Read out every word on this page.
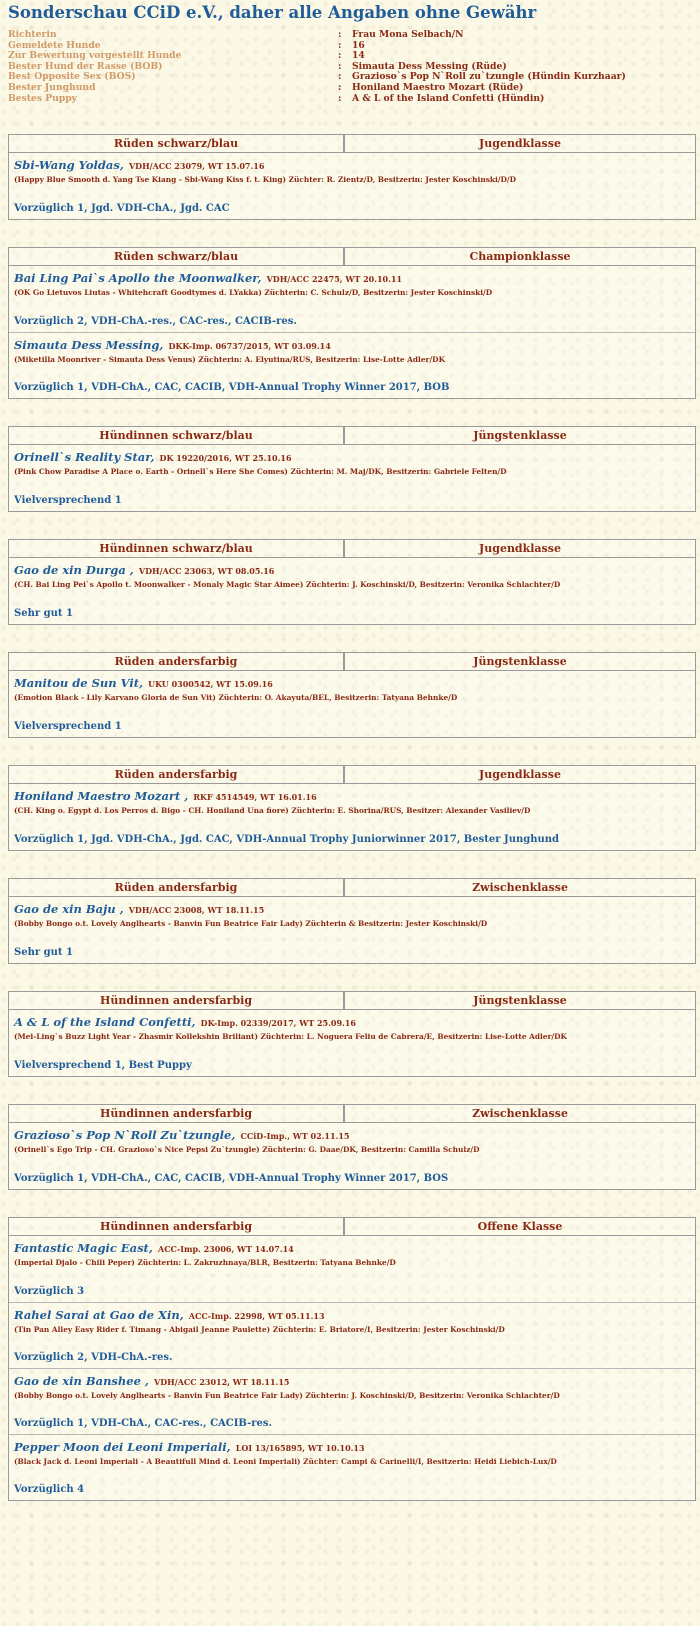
Sonderschau CCiD e.V., daher alle Angaben ohne Gewähr
Richterin	:	Frau Mona Selbach/N
Gemeldete Hunde	:	16
Zur Bewertung vorgestellt Hunde	:	14
Bester Hund der Rasse (BOB)	:	Simauta Dess Messing (Rüde)
Best Opposite Sex (BOS)	:	Grazioso`s Pop N`Roll zu`tzungle (Hündin Kurzhaar)
Bester Junghund	:	Honiland Maestro Mozart (Rüde)
Bestes Puppy	:	A & L of the Island Confetti (Hündin)
Rüden schwarz/blau	Jugendklasse
Sbi-Wang Yoldas, VDH/ACC 23079, WT 15.07.16
(Happy Blue Smooth d. Yang Tse Kiang - Sbi-Wang Kiss f. t. King) Züchter: R. Zientz/D, Besitzerin: Jester Koschinski/D/D
Vorzüglich 1, Jgd. VDH-ChA., Jgd. CAC
Rüden schwarz/blau	Championklasse
Bai Ling Pai`s Apollo the Moonwalker, VDH/ACC 22475, WT 20.10.11
(OK Go Lietuvos Liutas - Whitehcraft Goodtymes d. LYakka) Züchterin: C. Schulz/D, Besitzerin: Jester Koschinski/D
Vorzüglich 2, VDH-ChA.-res., CAC-res., CACIB-res.
Simauta Dess Messing, DKK-Imp. 06737/2015, WT 03.09.14
(Miketilla Moonriver - Simauta Dess Venus) Züchterin: A. Elyutina/RUS, Besitzerin: Lise-Lotte Adler/DK
Vorzüglich 1, VDH-ChA., CAC, CACIB, VDH-Annual Trophy Winner 2017, BOB
Hündinnen schwarz/blau	Jüngstenklasse
Orinell`s Reality Star, DK 19220/2016, WT 25.10.16
(Pink Chow Paradise A Place o. Earth - Orinell`s Here She Comes) Züchterin: M. Maj/DK, Besitzerin: Gabriele Felten/D
Vielversprechend 1
Hündinnen schwarz/blau	Jugendklasse
Gao de xin Durga , VDH/ACC 23063, WT 08.05.16
(CH. Bai Ling Pei`s Apollo t. Moonwalker - Monaly Magic Star Aimee) Züchterin: J. Koschinski/D, Besitzerin: Veronika Schlachter/D
Sehr gut 1
Rüden andersfarbig	Jüngstenklasse
Manitou de Sun Vit, UKU 0300542, WT 15.09.16
(Emotion Black - Lily Karvano Gloria de Sun Vit) Züchterin: O. Akayuta/BEL, Besitzerin: Tatyana Behnke/D
Vielversprechend 1
Rüden andersfarbig	Jugendklasse
Honiland Maestro Mozart , RKF 4514549, WT 16.01.16
(CH. King o. Egypt d. Los Perros d. Bigo - CH. Honiland Una fiore) Züchterin: E. Shorina/RUS, Besitzer: Alexander Vasiliev/D
Vorzüglich 1, Jgd. VDH-ChA., Jgd. CAC, VDH-Annual Trophy Juniorwinner 2017, Bester Junghund
Rüden andersfarbig	Zwischenklasse
Gao de xin Baju , VDH/ACC 23008, WT 18.11.15
(Bobby Bongo o.t. Lovely Anglhearts - Banvin Fun Beatrice Fair Lady) Züchterin & Besitzerin: Jester Koschinski/D
Sehr gut 1
Hündinnen andersfarbig	Jüngstenklasse
A & L of the Island Confetti, DK-Imp. 02339/2017, WT 25.09.16
(Mei-Ling`s Buzz Light Year - Zhasmir Kollekshin Briliant) Züchterin: L. Noguera Feliu de Cabrera/E, Besitzerin: Lise-Lotte Adler/DK
Vielversprechend 1, Best Puppy
Hündinnen andersfarbig	Zwischenklasse
Grazioso`s Pop N`Roll Zu`tzungle, CCiD-Imp., WT 02.11.15
(Orinell`s Ego Trip - CH. Grazioso`s Nice Pepsi Zu`tzungle) Züchterin: G. Daae/DK, Besitzerin: Camilla Schulz/D
Vorzüglich 1, VDH-ChA., CAC, CACIB, VDH-Annual Trophy Winner 2017, BOS
Hündinnen andersfarbig	Offene Klasse
Fantastic Magic East, ACC-Imp. 23006, WT 14.07.14
(Imperial Djalo - Chili Peper) Züchterin: L. Zakruzhnaya/BLR, Besitzerin: Tatyana Behnke/D
Vorzüglich 3
Rahel Sarai at Gao de Xin, ACC-Imp. 22998, WT 05.11.13
(Tin Pan Alley Easy Rider f. Timang - Abigail Jeanne Paulette) Züchterin: E. Briatore/I, Besitzerin: Jester Koschinski/D
Vorzüglich 2, VDH-ChA.-res.
Gao de xin Banshee , VDH/ACC 23012, WT 18.11.15
(Bobby Bongo o.t. Lovely Anglhearts - Banvin Fun Beatrice Fair Lady) Züchterin: J. Koschinski/D, Besitzerin: Veronika Schlachter/D
Vorzüglich 1, VDH-ChA., CAC-res., CACIB-res.
Pepper Moon dei Leoni Imperiali, LOI 13/165895, WT 10.10.13
(Black Jack d. Leoni Imperiali - A Beautifull Mind d. Leoni Imperiali) Züchter: Campi & Carinelli/I, Besitzerin: Heidi Liebich-Lux/D
Vorzüglich 4
